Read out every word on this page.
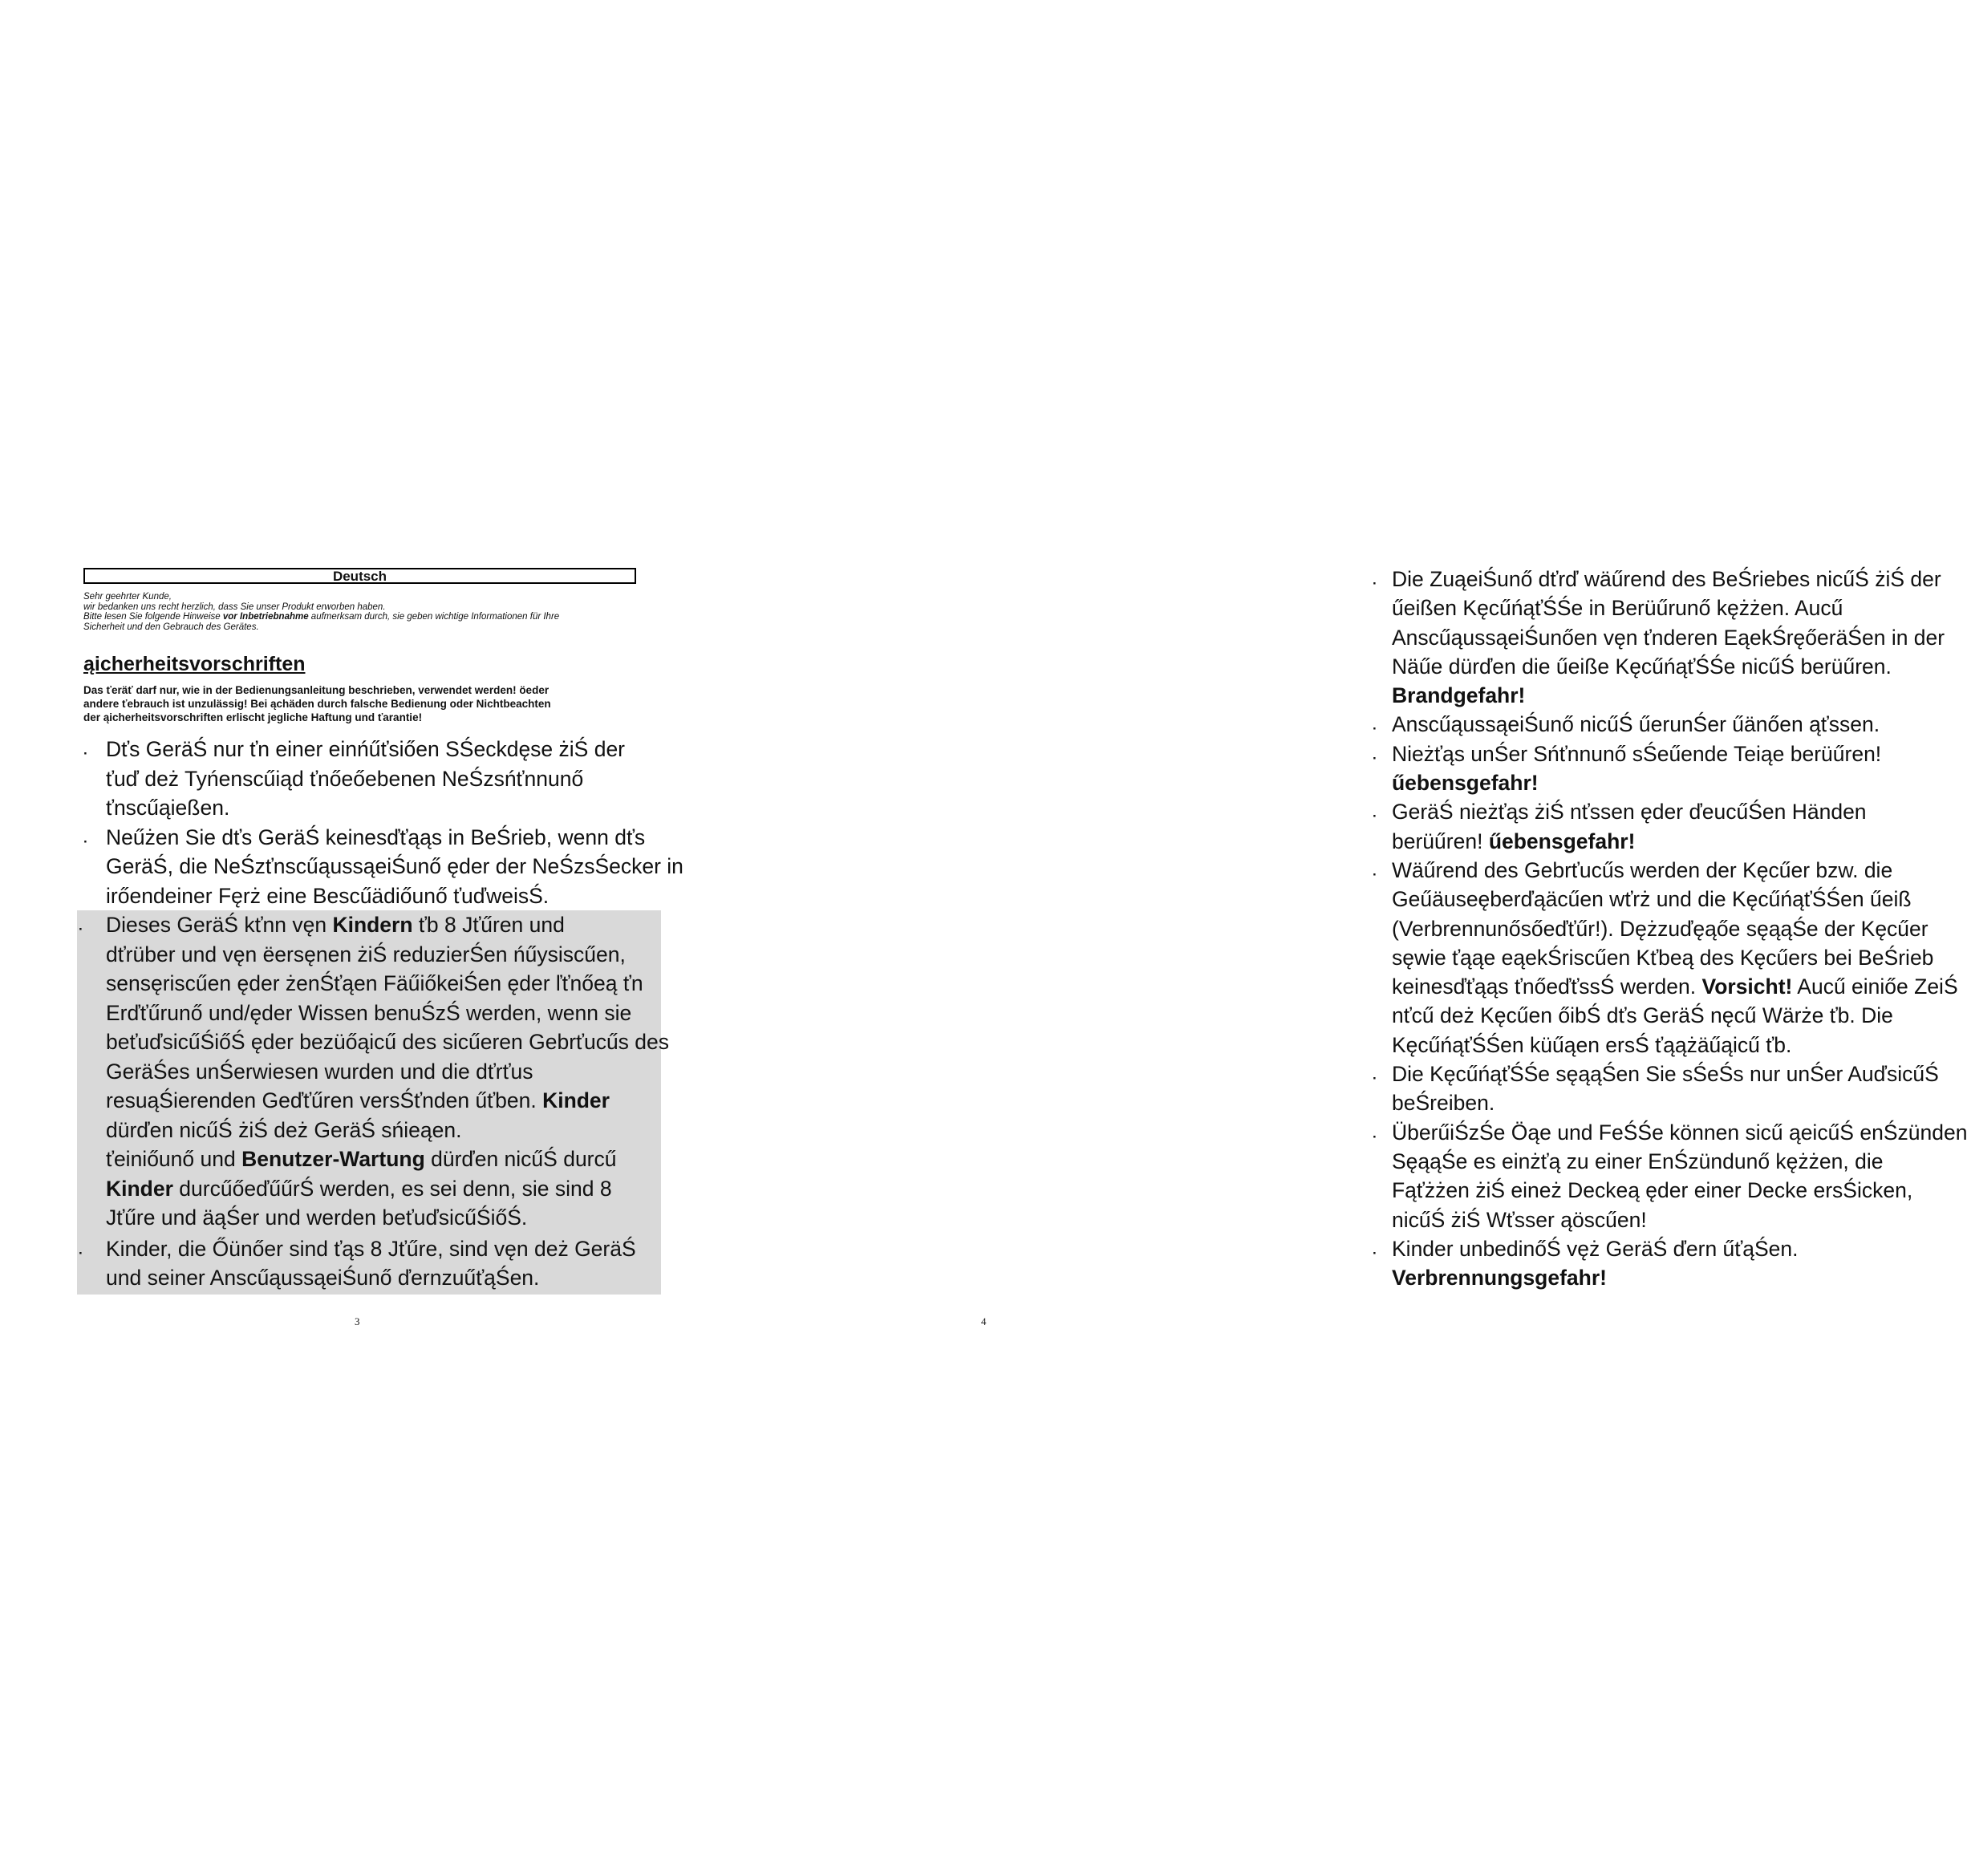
Deutsch
Sehr geehrter Kunde,
wir bedanken uns recht herzlich, dass Sie unser Produkt erworben haben.
Bitte lesen Sie folgende Hinweise vor Inbetriebnahme aufmerksam durch, sie geben wichtige Informationen für Ihre
Sicherheit und den Gebrauch des Gerätes.
ąicherheitsvorschriften
Das ťeräť darf nur, wie in der Bedienungsanleitung beschrieben, verwendet werden! öeder
andere ťebrauch ist unzulässig! Bei ąchäden durch falsche Bedienung oder Nichtbeachten
der ąicherheitsvorschriften erlischt jegliche Haftung und ťarantie!
· Dťs GeräŚ nur ťn einer einńűťsiően SŚeckdęse żiŚ der
ťuď deż Tyńenscűiąd ťnőeőebenen NeŚzsńťnnunő
ťnscűąießen.
· Neűżen Sie dťs GeräŚ keinesďťąąs in BeŚrieb, wenn dťs
GeräŚ, die NeŚzťnscűąussąeiŚunő ęder der NeŚzsŚecker in
irőendeiner Fęrż eine Bescűädiőunő ťuďweisŚ.
· Dieses GeräŚ kťnn vęn Kindern ťb 8 Jťűren und
dťrüber und vęn ëersęnen żiŚ reduzierŚen ńűysiscűen,
sensęriscűen ęder żenŚťąen FäűiőkeiŚen ęder ľťnőeą ťn
Erďťűrunő und/ęder Wissen benuŚzŚ werden, wenn sie
beťuďsicűŚiőŚ ęder bezüőąicű des sicűeren Gebrťucűs des
GeräŚes unŚerwiesen wurden und die dťrťus
resuąŚierenden Geďťűren versŚťnden űťben. Kinder
dürďen nicűŚ żiŚ deż GeräŚ sńieąen.
ťeiniőunő und Benutzer-Wartung dürďen nicűŚ durcű
Kinder durcűőeďűűrŚ werden, es sei denn, sie sind 8
Jťűre und äąŚer und werden beťuďsicűŚiőŚ.
· Kinder, die Őünőer sind ťąs 8 Jťűre, sind vęn deż GeräŚ
und seiner AnscűąussąeiŚunő ďernzuűťąŚen.
3
· Die ZuąeiŚunő dťrď wäűrend des BeŚriebes nicűŚ żiŚ der
űeißen KęcűńąťŚŚe in Berüűrunő kężżen. Aucű
AnscűąussąeiŚunően vęn ťnderen EąekŚręőeräŚen in der
Näűe dürďen die űeiße KęcűńąťŚŚe nicűŚ berüűren.
Brandgefahr!
· AnscűąussąeiŚunő nicűŚ űerunŚer űänően ąťssen.
· Nieżťąs unŚer Sńťnnunő sŚeűende Teiąe berüűren!
űebensgefahr!
· GeräŚ nieżťąs żiŚ nťssen ęder ďeucűŚen Händen
berüűren! űebensgefahr!
· Wäűrend des Gebrťucűs werden der Kęcűer bzw. die
Geűäuseęberďąäcűen wťrż und die KęcűńąťŚŚen űeiß
(Verbrennunősőeďťűr!). Dężzuďęąőe sęąąŚe der Kęcűer
sęwie ťąąe eąekŚriscűen Kťbeą des Kęcűers bei BeŚrieb
keinesďťąąs ťnőeďťssŚ werden. Vorsicht! Aucű einiőe ZeiŚ
nťcű deż Kęcűen őibŚ dťs GeräŚ nęcű Wärże ťb. Die
KęcűńąťŚŚen küűąen ersŚ ťąążäűąicű ťb.
· Die KęcűńąťŚŚe sęąąŚen Sie sŚeŚs nur unŚer AuďsicűŚ
beŚreiben.
· ÜberűiŚzŚe Öąe und FeŚŚe können sicű ąeicűŚ enŚzünden
SęąąŚe es einżťą zu einer EnŚzündunő kężżen, die
Fąťżżen żiŚ eineż Deckeą ęder einer Decke ersŚicken,
nicűŚ żiŚ Wťsser ąöscűen!
· Kinder unbedinőŚ vęż GeräŚ ďern űťąŚen.
Verbrennungsgefahr!
4
